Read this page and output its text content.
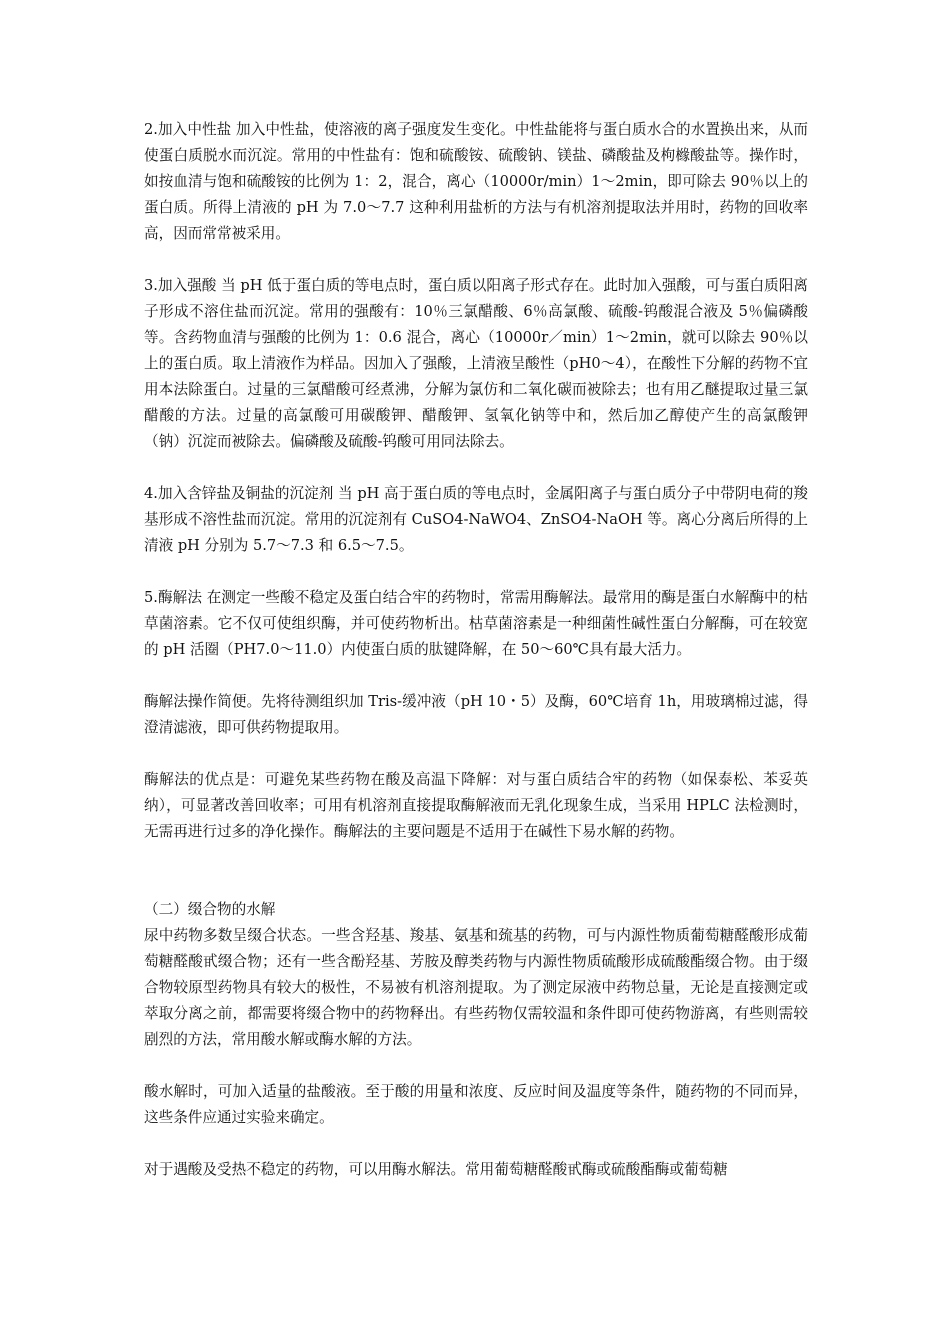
2.加入中性盐 加入中性盐，使溶液的离子强度发生变化。中性盐能将与蛋白质水合的水置换出来，从而使蛋白质脱水而沉淀。常用的中性盐有：饱和硫酸铵、硫酸钠、镁盐、磷酸盐及枸橼酸盐等。操作时，如按血清与饱和硫酸铵的比例为 1：2，混合，离心（10000r/min）1～2min，即可除去 90％以上的蛋白质。所得上清液的 pH 为 7.0～7.7 这种利用盐析的方法与有机溶剂提取法并用时，药物的回收率高，因而常常被采用。

3.加入强酸 当 pH 低于蛋白质的等电点时，蛋白质以阳离子形式存在。此时加入强酸，可与蛋白质阳离子形成不溶住盐而沉淀。常用的强酸有：10％三氯醋酸、6％高氯酸、硫酸-钨酸混合液及 5％偏磷酸等。含药物血清与强酸的比例为 1：0.6 混合，离心（10000r／min）1～2min，就可以除去 90％以上的蛋白质。取上清液作为样品。因加入了强酸，上清液呈酸性（pH0～4），在酸性下分解的药物不宜用本法除蛋白。过量的三氯醋酸可经煮沸，分解为氯仿和二氧化碳而被除去；也有用乙醚提取过量三氯醋酸的方法。过量的高氯酸可用碳酸钾、醋酸钾、氢氧化钠等中和，然后加乙醇使产生的高氯酸钾（钠）沉淀而被除去。偏磷酸及硫酸-钨酸可用同法除去。

4.加入含锌盐及铜盐的沉淀剂 当 pH 高于蛋白质的等电点时，金属阳离子与蛋白质分子中带阴电荷的羧基形成不溶性盐而沉淀。常用的沉淀剂有 CuSO4-NaWO4、ZnSO4-NaOH 等。离心分离后所得的上清液 pH 分别为 5.7～7.3 和 6.5～7.5。

5.酶解法 在测定一些酸不稳定及蛋白结合牢的药物时，常需用酶解法。最常用的酶是蛋白水解酶中的枯草菌溶素。它不仅可使组织酶，并可使药物析出。枯草菌溶素是一种细菌性碱性蛋白分解酶，可在较宽的 pH 活圈（PH7.0～11.0）内使蛋白质的肽键降解，在 50～60℃具有最大活力。

酶解法操作简便。先将待测组织加 Tris-缓冲液（pH 10・5）及酶，60℃培育 1h，用玻璃棉过滤，得澄清滤液，即可供药物提取用。

酶解法的优点是：可避免某些药物在酸及高温下降解：对与蛋白质结合牢的药物（如保泰松、苯妥英纳），可显著改善回收率；可用有机溶剂直接提取酶解液而无乳化现象生成，当采用 HPLC 法检测时，无需再进行过多的净化操作。酶解法的主要问题是不适用于在碱性下易水解的药物。

（二）缀合物的水解

尿中药物多数呈缀合状态。一些含羟基、羧基、氨基和巯基的药物，可与内源性物质葡萄糖醛酸形成葡萄糖醛酸甙缀合物；还有一些含酚羟基、芳胺及醇类药物与内源性物质硫酸形成硫酸酯缀合物。由于缀合物较原型药物具有较大的极性，不易被有机溶剂提取。为了测定尿液中药物总量，无论是直接测定或萃取分离之前，都需要将缀合物中的药物释出。有些药物仅需较温和条件即可使药物游离，有些则需较剧烈的方法，常用酸水解或酶水解的方法。

酸水解时，可加入适量的盐酸液。至于酸的用量和浓度、反应时间及温度等条件，随药物的不同而异，这些条件应通过实验来确定。

对于遇酸及受热不稳定的药物，可以用酶水解法。常用葡萄糖醛酸甙酶或硫酸酯酶或葡萄糖
